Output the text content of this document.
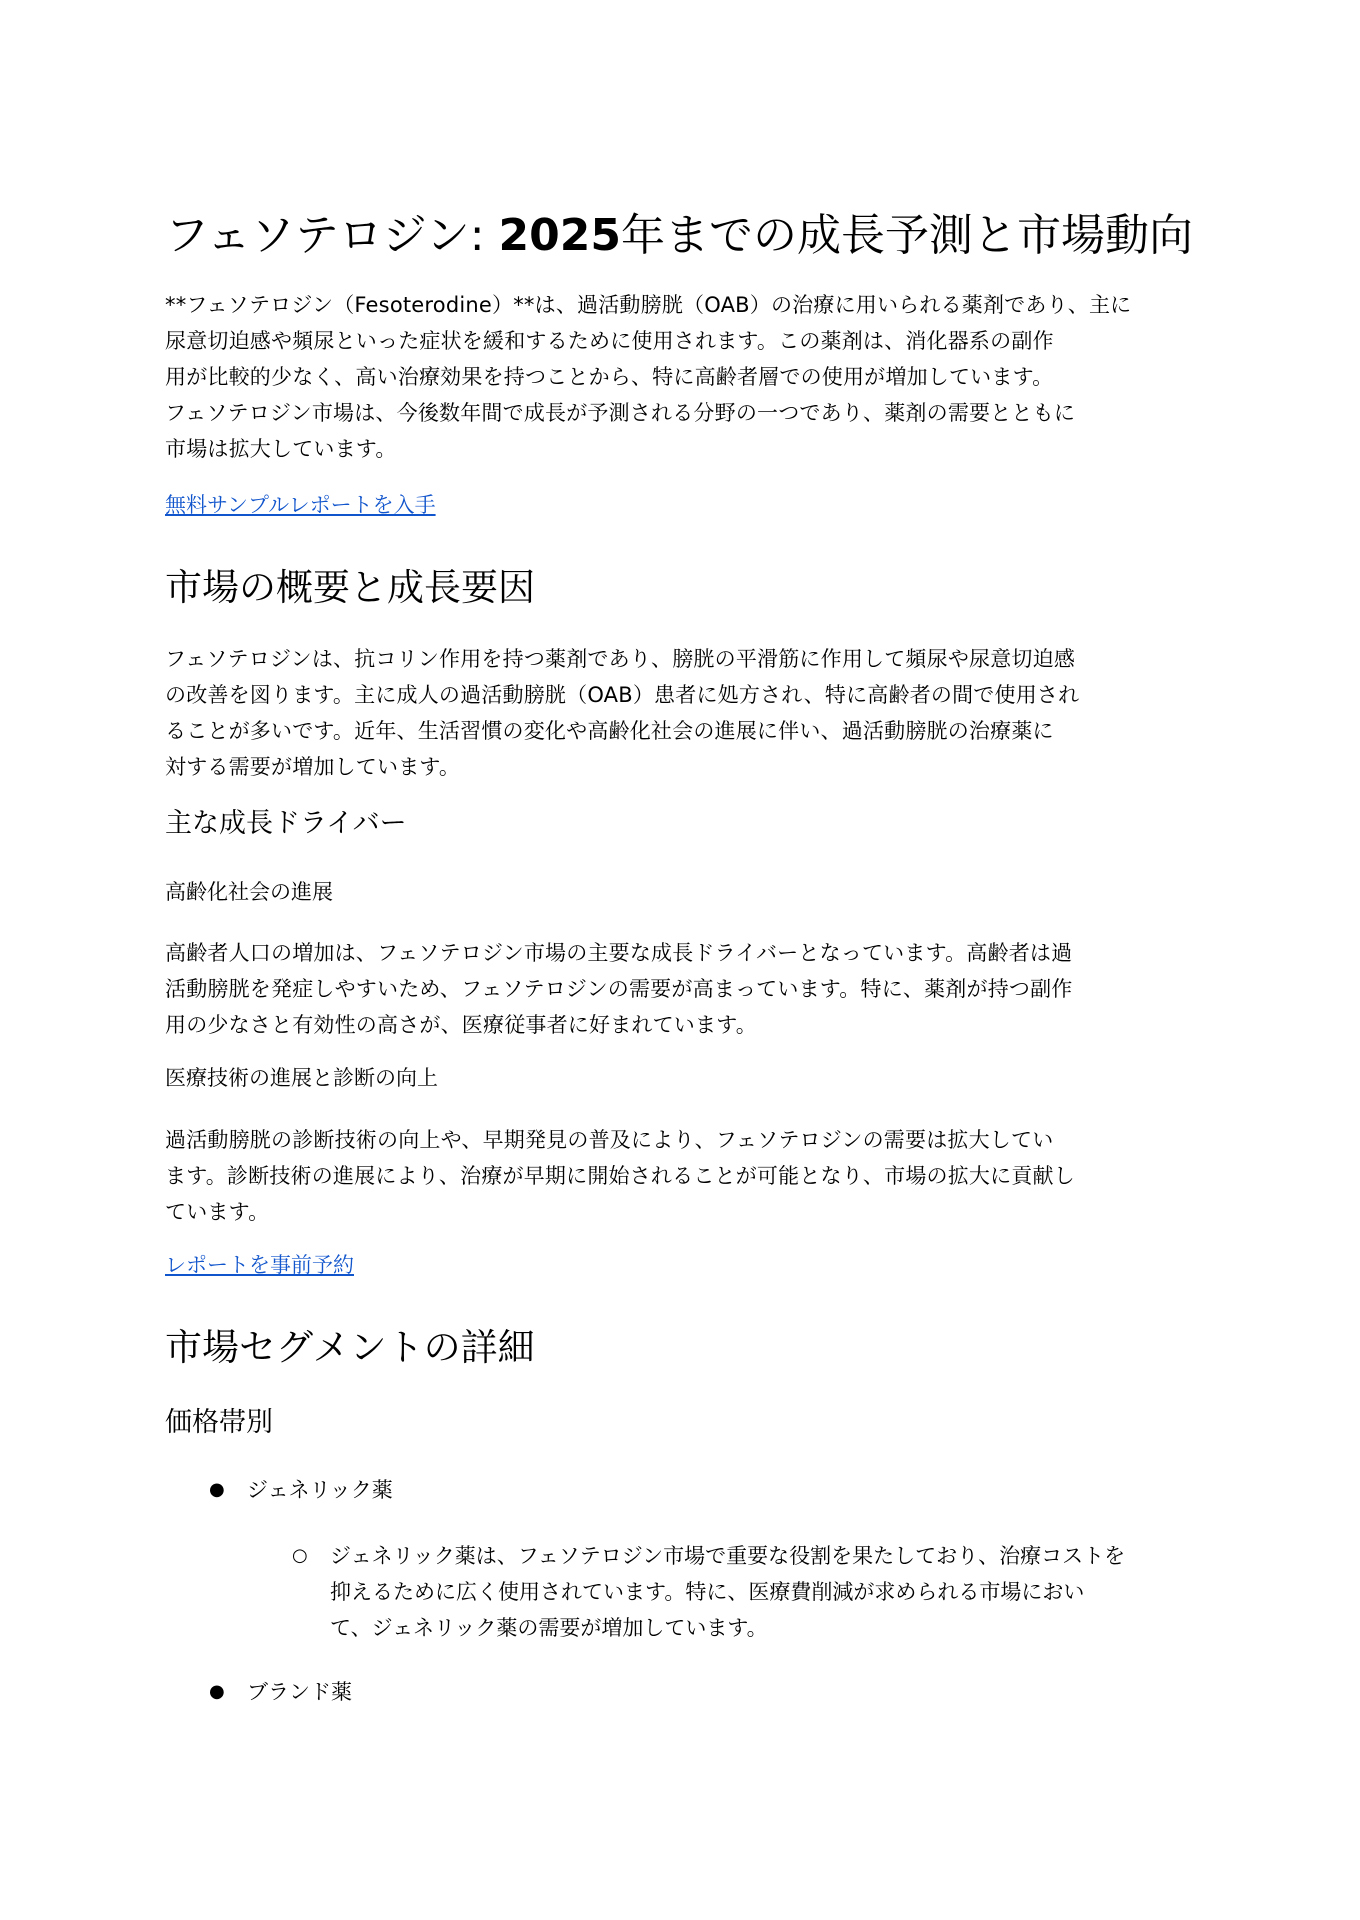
フェソテロジン: 2025年までの成長予測と市場動向
**フェソテロジン（Fesoterodine）**は、過活動膀胱（OAB）の治療に用いられる薬剤であり、主に
尿意切迫感や頻尿といった症状を緩和するために使用されます。この薬剤は、消化器系の副作
用が比較的少なく、高い治療効果を持つことから、特に高齢者層での使用が増加しています。
フェソテロジン市場は、今後数年間で成長が予測される分野の一つであり、薬剤の需要とともに
市場は拡大しています。
無料サンプルレポートを入手
市場の概要と成長要因
フェソテロジンは、抗コリン作用を持つ薬剤であり、膀胱の平滑筋に作用して頻尿や尿意切迫感
の改善を図ります。主に成人の過活動膀胱（OAB）患者に処方され、特に高齢者の間で使用され
ることが多いです。近年、生活習慣の変化や高齢化社会の進展に伴い、過活動膀胱の治療薬に
対する需要が増加しています。
主な成長ドライバー
高齢化社会の進展
高齢者人口の増加は、フェソテロジン市場の主要な成長ドライバーとなっています。高齢者は過
活動膀胱を発症しやすいため、フェソテロジンの需要が高まっています。特に、薬剤が持つ副作
用の少なさと有効性の高さが、医療従事者に好まれています。
医療技術の進展と診断の向上
過活動膀胱の診断技術の向上や、早期発見の普及により、フェソテロジンの需要は拡大してい
ます。診断技術の進展により、治療が早期に開始されることが可能となり、市場の拡大に貢献し
ています。
レポートを事前予約
市場セグメントの詳細
価格帯別
● ジェネリック薬
○ ジェネリック薬は、フェソテロジン市場で重要な役割を果たしており、治療コストを
抑えるために広く使用されています。特に、医療費削減が求められる市場におい
て、ジェネリック薬の需要が増加しています。
● ブランド薬
